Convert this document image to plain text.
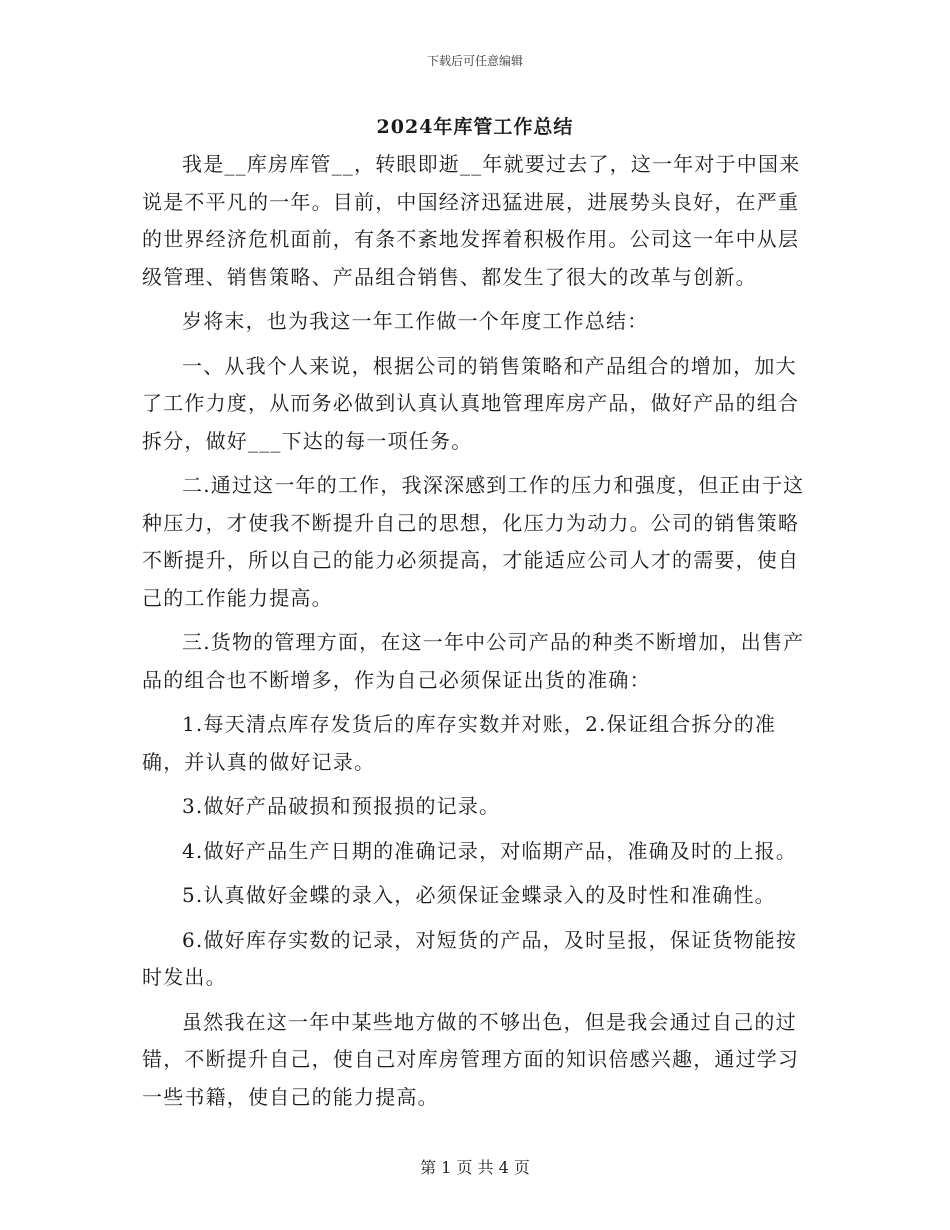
下载后可任意编辑
2024年库管工作总结

我是__库房库管__，转眼即逝__年就要过去了，这一年对于中国来说是不平凡的一年。目前，中国经济迅猛进展，进展势头良好，在严重的世界经济危机面前，有条不紊地发挥着积极作用。公司这一年中从层级管理、销售策略、产品组合销售、都发生了很大的改革与创新。

岁将末，也为我这一年工作做一个年度工作总结：

一、从我个人来说，根据公司的销售策略和产品组合的增加，加大了工作力度，从而务必做到认真认真地管理库房产品，做好产品的组合拆分，做好___下达的每一项任务。

二.通过这一年的工作，我深深感到工作的压力和强度，但正由于这种压力，才使我不断提升自己的思想，化压力为动力。公司的销售策略不断提升，所以自己的能力必须提高，才能适应公司人才的需要，使自己的工作能力提高。

三.货物的管理方面，在这一年中公司产品的种类不断增加，出售产品的组合也不断增多，作为自己必须保证出货的准确：

1.每天清点库存发货后的库存实数并对账，2.保证组合拆分的准确，并认真的做好记录。

3.做好产品破损和预报损的记录。

4.做好产品生产日期的准确记录，对临期产品，准确及时的上报。

5.认真做好金蝶的录入，必须保证金蝶录入的及时性和准确性。

6.做好库存实数的记录，对短货的产品，及时呈报，保证货物能按时发出。

虽然我在这一年中某些地方做的不够出色，但是我会通过自己的过错，不断提升自己，使自己对库房管理方面的知识倍感兴趣，通过学习一些书籍，使自己的能力提高。

第 1 页 共 4 页
